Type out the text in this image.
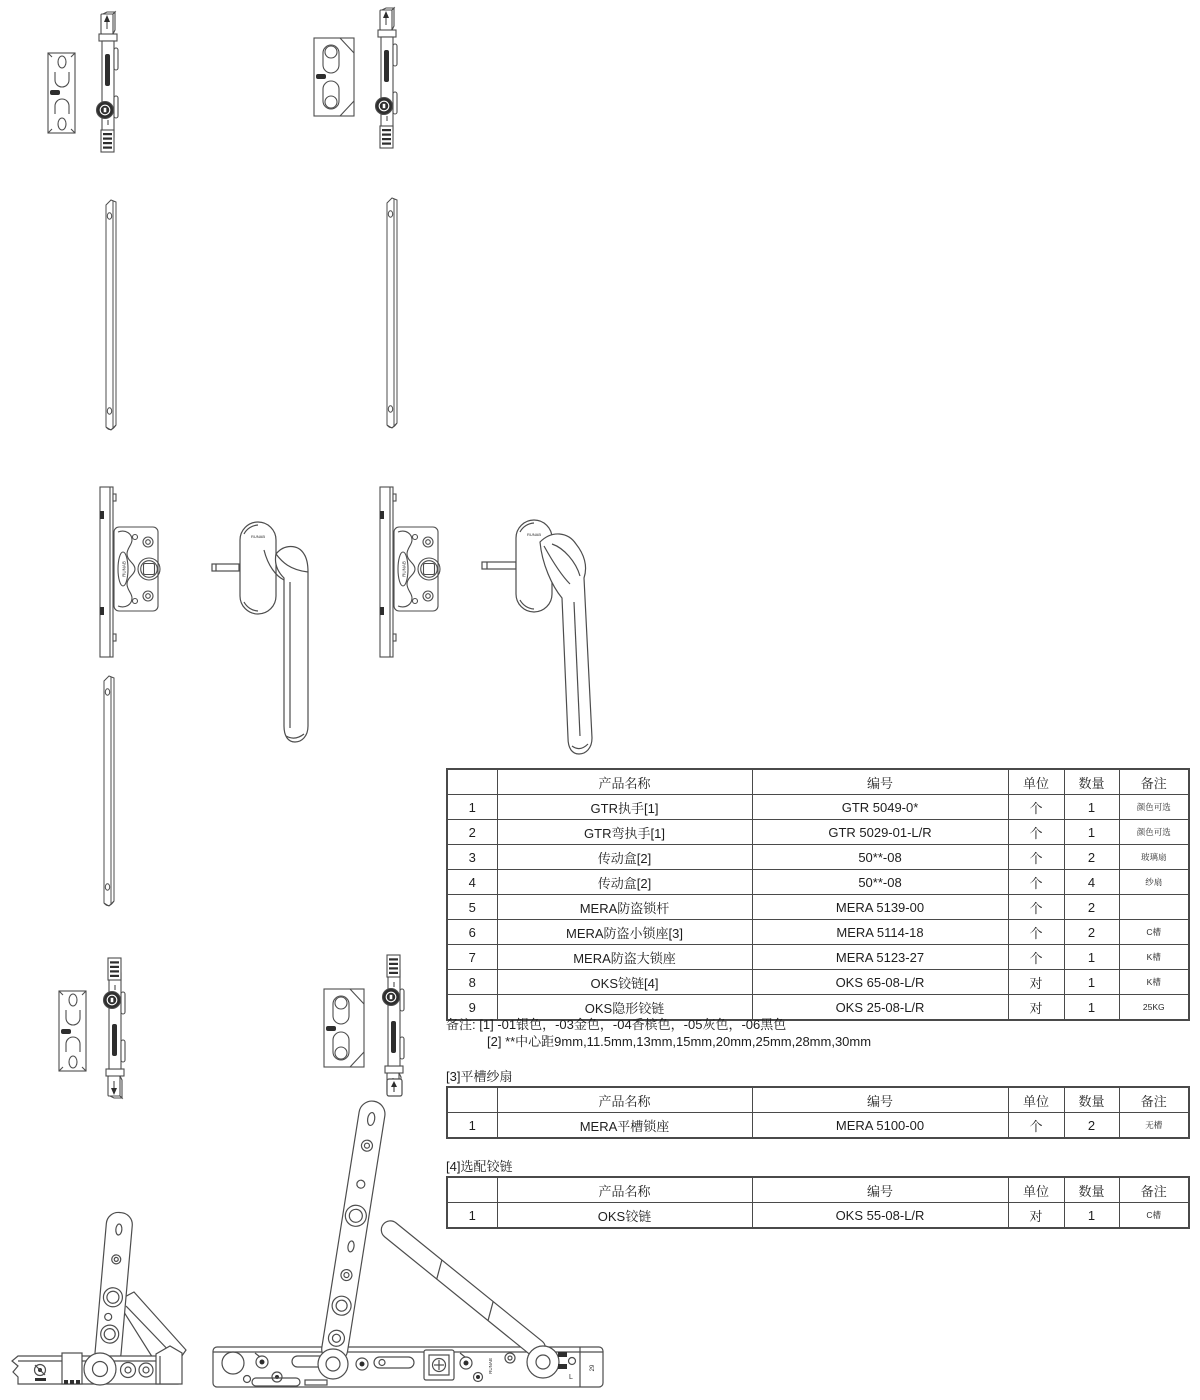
RUNAB	RUNAB
RUNAB	RUNAB
RUNAB
L
29
	产品名称	编号	单位	数量	备注
1	GTR执手[1]	GTR 5049-0*	个	1	颜色可选
2	GTR弯执手[1]	GTR 5029-01-L/R	个	1	颜色可选
3	传动盒[2]	50**-08	个	2	玻璃扇
4	传动盒[2]	50**-08	个	4	纱扇
5	MERA防盗锁杆	MERA 5139-00	个	2	
6	MERA防盗小锁座[3]	MERA 5114-18	个	2	C槽
7	MERA防盗大锁座	MERA 5123-27	个	1	K槽
8	OKS铰链[4]	OKS 65-08-L/R	对	1	K槽
9	OKS隐形铰链	OKS 25-08-L/R	对	1	25KG
备注: [1] -01银色，-03金色，-04香槟色，-05灰色，-06黑色
[2] **中心距9mm,11.5mm,13mm,15mm,20mm,25mm,28mm,30mm
[3]平槽纱扇
	产品名称	编号	单位	数量	备注
1	MERA平槽锁座	MERA 5100-00	个	2	无槽
[4]选配铰链
	产品名称	编号	单位	数量	备注
1	OKS铰链	OKS 55-08-L/R	对	1	C槽
